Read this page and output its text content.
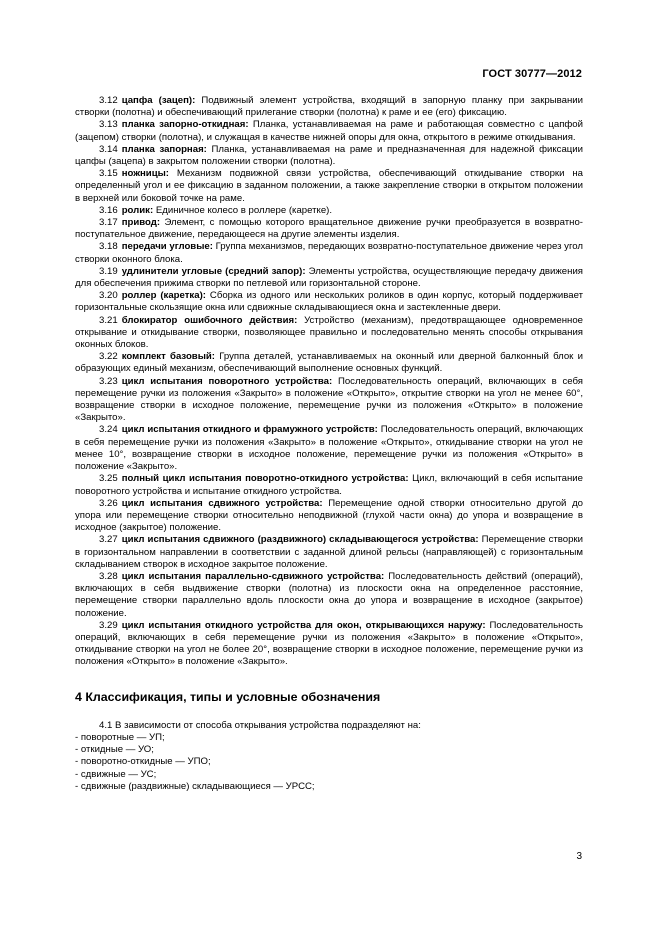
ГОСТ 30777—2012

3.12 цапфа (зацеп): Подвижный элемент устройства, входящий в запорную планку при закрывании створки (полотна) и обеспечивающий прилегание створки (полотна) к раме и ее (его) фиксацию.

3.13 планка запорно-откидная: Планка, устанавливаемая на раме и работающая совместно с цапфой (зацепом) створки (полотна), и служащая в качестве нижней опоры для окна, открытого в режиме откидывания.

3.14 планка запорная: Планка, устанавливаемая на раме и предназначенная для надежной фиксации цапфы (зацепа) в закрытом положении створки (полотна).

3.15 ножницы: Механизм подвижной связи устройства, обеспечивающий откидывание створки на определенный угол и ее фиксацию в заданном положении, а также закрепление створки в открытом положении в верхней или боковой точке на раме.

3.16 ролик: Единичное колесо в роллере (каретке).

3.17 привод: Элемент, с помощью которого вращательное движение ручки преобразуется в возвратно-поступательное движение, передающееся на другие элементы изделия.

3.18 передачи угловые: Группа механизмов, передающих возвратно-поступательное движение через угол створки оконного блока.

3.19 удлинители угловые (средний запор): Элементы устройства, осуществляющие передачу движения для обеспечения прижима створки по петлевой или горизонтальной стороне.

3.20 роллер (каретка): Сборка из одного или нескольких роликов в один корпус, который поддерживает горизонтальные скользящие окна или сдвижные складывающиеся окна и застекленные двери.

3.21 блокиратор ошибочного действия: Устройство (механизм), предотвращающее одновременное открывание и откидывание створки, позволяющее правильно и последовательно менять способы открывания оконных блоков.

3.22 комплект базовый: Группа деталей, устанавливаемых на оконный или дверной балконный блок и образующих единый механизм, обеспечивающий выполнение основных функций.

3.23 цикл испытания поворотного устройства: Последовательность операций, включающих в себя перемещение ручки из положения «Закрыто» в положение «Открыто», открытие створки на угол не менее 60°, возвращение створки в исходное положение, перемещение ручки из положения «Открыто» в положение «Закрыто».

3.24 цикл испытания откидного и фрамужного устройств: Последовательность операций, включающих в себя перемещение ручки из положения «Закрыто» в положение «Открыто», откидывание створки на угол не менее 10°, возвращение створки в исходное положение, перемещение ручки из положения «Открыто» в положение «Закрыто».

3.25 полный цикл испытания поворотно-откидного устройства: Цикл, включающий в себя испытание поворотного устройства и испытание откидного устройства.

3.26 цикл испытания сдвижного устройства: Перемещение одной створки относительно другой до упора или перемещение створки относительно неподвижной (глухой части окна) до упора и возвращение в исходное (закрытое) положение.

3.27 цикл испытания сдвижного (раздвижного) складывающегося устройства: Перемещение створки в горизонтальном направлении в соответствии с заданной длиной рельсы (направляющей) с горизонтальным складыванием створок в исходное закрытое положение.

3.28 цикл испытания параллельно-сдвижного устройства: Последовательность действий (операций), включающих в себя выдвижение створки (полотна) из плоскости окна на определенное расстояние, перемещение створки параллельно вдоль плоскости окна до упора и возвращение в исходное (закрытое) положение.

3.29 цикл испытания откидного устройства для окон, открывающихся наружу: Последовательность операций, включающих в себя перемещение ручки из положения «Закрыто» в положение «Открыто», откидывание створки на угол не более 20°, возвращение створки в исходное положение, перемещение ручки из положения «Открыто» в положение «Закрыто».

4 Классификация, типы и условные обозначения

4.1 В зависимости от способа открывания устройства подразделяют на:

- поворотные — УП;
- откидные — УО;
- поворотно-откидные — УПО;
- сдвижные — УС;
- сдвижные (раздвижные) складывающиеся — УРСС;
3
